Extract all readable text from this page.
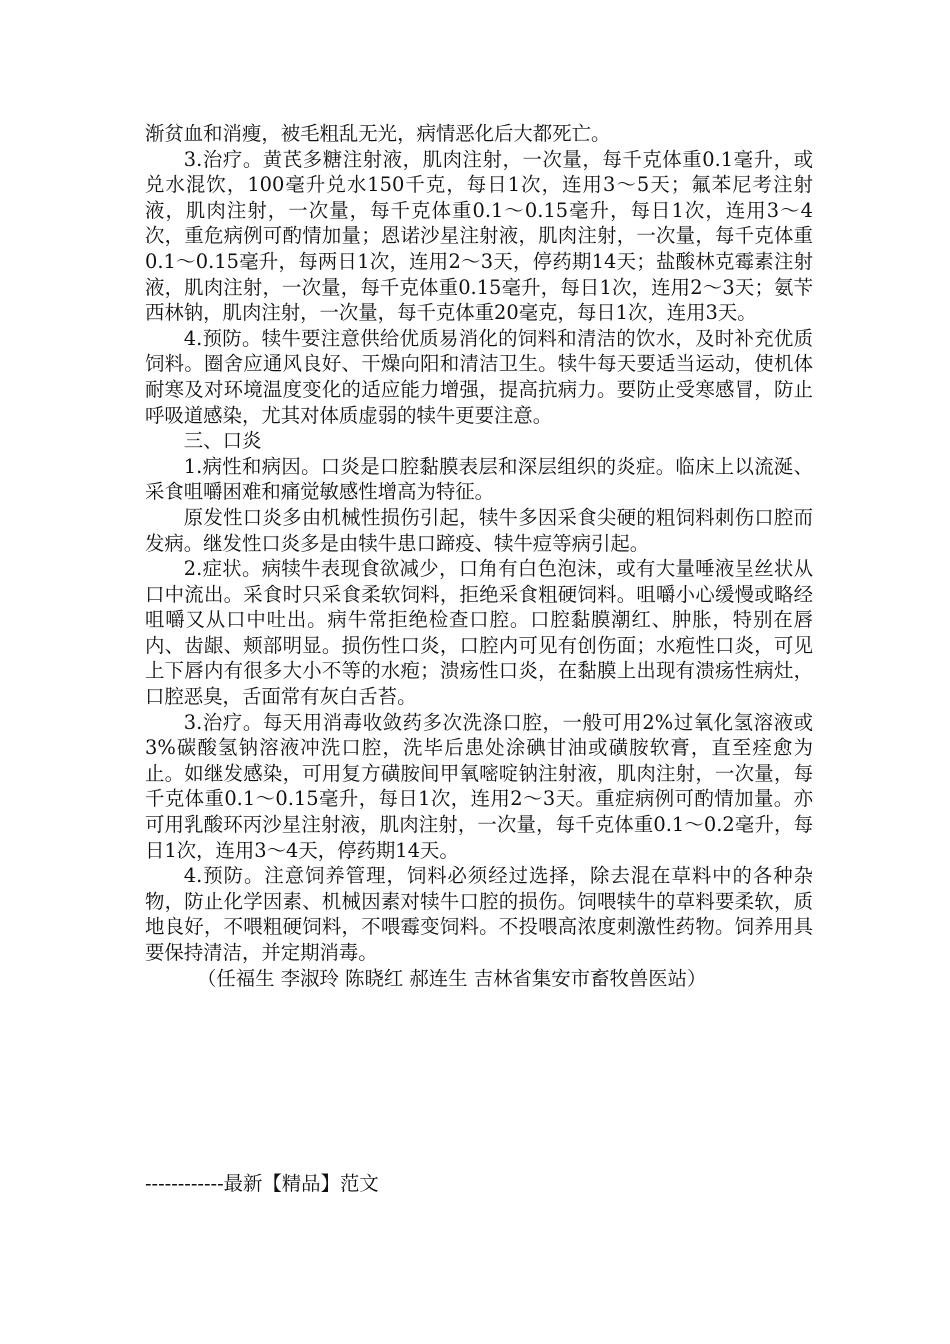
渐贫血和消瘦，被毛粗乱无光，病情恶化后大都死亡。

3.治疗。黄芪多糖注射液，肌肉注射，一次量，每千克体重0.1毫升，或兑水混饮，100毫升兑水150千克，每日1次，连用3～5天；氟苯尼考注射液，肌肉注射，一次量，每千克体重0.1～0.15毫升，每日1次，连用3～4次，重危病例可酌情加量；恩诺沙星注射液，肌肉注射，一次量，每千克体重0.1～0.15毫升，每两日1次，连用2～3天，停药期14天；盐酸林克霉素注射液，肌肉注射，一次量，每千克体重0.15毫升，每日1次，连用2～3天；氨苄西林钠，肌肉注射，一次量，每千克体重20毫克，每日1次，连用3天。

4.预防。犊牛要注意供给优质易消化的饲料和清洁的饮水，及时补充优质饲料。圈舍应通风良好、干燥向阳和清洁卫生。犊牛每天要适当运动，使机体耐寒及对环境温度变化的适应能力增强，提高抗病力。要防止受寒感冒，防止呼吸道感染，尤其对体质虚弱的犊牛更要注意。

三、口炎

1.病性和病因。口炎是口腔黏膜表层和深层组织的炎症。临床上以流涎、采食咀嚼困难和痛觉敏感性增高为特征。

原发性口炎多由机械性损伤引起，犊牛多因采食尖硬的粗饲料刺伤口腔而发病。继发性口炎多是由犊牛患口蹄疫、犊牛痘等病引起。

2.症状。病犊牛表现食欲减少，口角有白色泡沫，或有大量唾液呈丝状从口中流出。采食时只采食柔软饲料，拒绝采食粗硬饲料。咀嚼小心缓慢或略经咀嚼又从口中吐出。病牛常拒绝检查口腔。口腔黏膜潮红、肿胀，特别在唇内、齿龈、颊部明显。损伤性口炎，口腔内可见有创伤面；水疱性口炎，可见上下唇内有很多大小不等的水疱；溃疡性口炎，在黏膜上出现有溃疡性病灶，口腔恶臭，舌面常有灰白舌苔。

3.治疗。每天用消毒收敛药多次洗涤口腔，一般可用2%过氧化氢溶液或3%碳酸氢钠溶液冲洗口腔，洗毕后患处涂碘甘油或磺胺软膏，直至痊愈为止。如继发感染，可用复方磺胺间甲氧嘧啶钠注射液，肌肉注射，一次量，每千克体重0.1～0.15毫升，每日1次，连用2～3天。重症病例可酌情加量。亦可用乳酸环丙沙星注射液，肌肉注射，一次量，每千克体重0.1～0.2毫升，每日1次，连用3～4天，停药期14天。

4.预防。注意饲养管理，饲料必须经过选择，除去混在草料中的各种杂物，防止化学因素、机械因素对犊牛口腔的损伤。饲喂犊牛的草料要柔软，质地良好，不喂粗硬饲料，不喂霉变饲料。不投喂高浓度刺激性药物。饲养用具要保持清洁，并定期消毒。

（任福生 李淑玲 陈晓红 郝连生 吉林省集安市畜牧兽医站）

------------最新【精品】范文
